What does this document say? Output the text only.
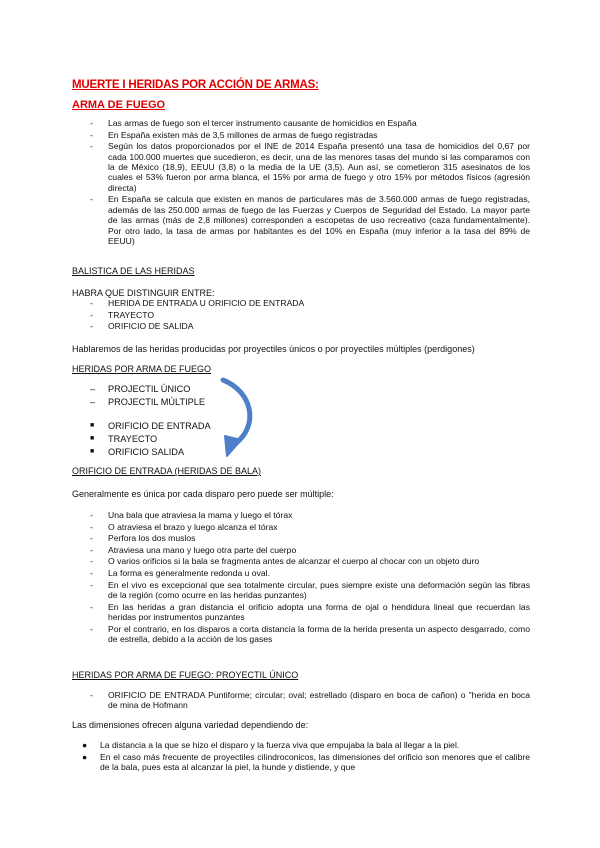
MUERTE I HERIDAS POR ACCIÓN DE ARMAS:
ARMA DE FUEGO
-	Las armas de fuego son el tercer instrumento causante de homicidios en España
-	En España existen más de 3,5 millones de armas de fuego registradas
-	Según los datos proporcionados por el INE de 2014 España presentó una tasa de homicidios del 0,67 por cada 100.000 muertes que sucedieron, es decir, una de las menores tasas del mundo si las comparamos con la de México (18,9), EEUU (3,8) o la media de la UE (3,5). Aun así, se cometieron 315 asesinatos de los cuales el 53% fueron por arma blanca, el 15% por arma de fuego y otro 15% por métodos físicos (agresión directa)
-	En España se calcula que existen en manos de particulares más de 3.560.000 armas de fuego registradas, además de las 250.000 armas de fuego de las Fuerzas y Cuerpos de Seguridad del Estado. La mayor parte de las armas (más de 2,8 millones) corresponden a escopetas de uso recreativo (caza fundamentalmente). Por otro lado, la tasa de armas por habitantes es del 10% en España (muy inferior a la tasa del 89% de EEUU)
BALISTICA DE LAS HERIDAS
HABRA QUE DISTINGUIR ENTRE:
-	HERIDA DE ENTRADA U ORIFICIO DE ENTRADA
-	TRAYECTO
-	ORIFICIO DE SALIDA
Hablaremos de las heridas producidas por proyectiles únicos o por proyectiles múltiples (perdigones)
HERIDAS POR ARMA DE FUEGO
–	PROJECTIL ÚNICO
–	PROJECTIL MÚLTIPLE
■	ORIFICIO DE ENTRADA
■	TRAYECTO
■	ORIFICIO SALIDA
ORIFICIO DE ENTRADA (HERIDAS DE BALA)
Generalmente es única por cada disparo pero puede ser múltiple:
-	Una bala que atraviesa la mama y luego el tórax
-	O atraviesa el brazo y luego alcanza el tórax
-	Perfora los dos muslos
-	Atraviesa una mano y luego otra parte del cuerpo
-	O varios orificios si la bala se fragmenta antes de alcanzar el cuerpo al chocar con un objeto duro
-	La forma es generalmente redonda u oval.
-	En el vivo es excepcional que sea totalmente circular, pues siempre existe una deformación según las fibras de la región (como ocurre en las heridas punzantes)
-	En las heridas a gran distancia el orificio adopta una forma de ojal o hendidura lineal que recuerdan las heridas por instrumentos punzantes
-	Por el contrario, en los disparos a corta distancia la forma de la herida presenta un aspecto desgarrado, como de estrella, debido a la acción de los gases
HERIDAS POR ARMA DE FUEGO: PROYECTIL ÚNICO
-	ORIFICIO DE ENTRADA Puntiforme; circular; oval; estrellado (disparo en boca de cañon) o "herida en boca de mina de Hofmann
Las dimensiones ofrecen alguna variedad dependiendo de:
●	La distancia a la que se hizo el disparo y la fuerza viva que empujaba la bala al llegar a la piel.
●	En el caso más frecuente de proyectiles cilindroconicos, las dimensiones del orificio son menores que el calibre de la bala, pues esta al alcanzar la piel, la hunde y distiende, y que
